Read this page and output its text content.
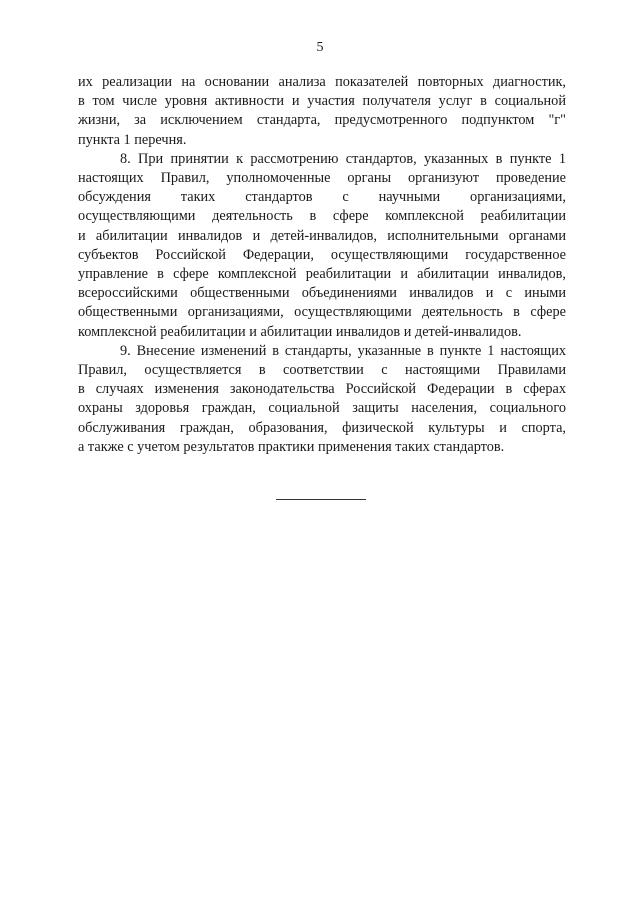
5
их реализации на основании анализа показателей повторных диагностик,
в том числе уровня активности и участия получателя услуг в социальной
жизни, за исключением стандарта, предусмотренного подпунктом "г"
пункта 1 перечня.
8. При принятии к рассмотрению стандартов, указанных в пункте 1
настоящих Правил, уполномоченные органы организуют проведение
обсуждения таких стандартов с научными организациями,
осуществляющими деятельность в сфере комплексной реабилитации
и абилитации инвалидов и детей-инвалидов, исполнительными органами
субъектов Российской Федерации, осуществляющими государственное
управление в сфере комплексной реабилитации и абилитации инвалидов,
всероссийскими общественными объединениями инвалидов и с иными
общественными организациями, осуществляющими деятельность в сфере
комплексной реабилитации и абилитации инвалидов и детей-инвалидов.
9. Внесение изменений в стандарты, указанные в пункте 1 настоящих
Правил, осуществляется в соответствии с настоящими Правилами
в случаях изменения законодательства Российской Федерации в сферах
охраны здоровья граждан, социальной защиты населения, социального
обслуживания граждан, образования, физической культуры и спорта,
а также с учетом результатов практики применения таких стандартов.
